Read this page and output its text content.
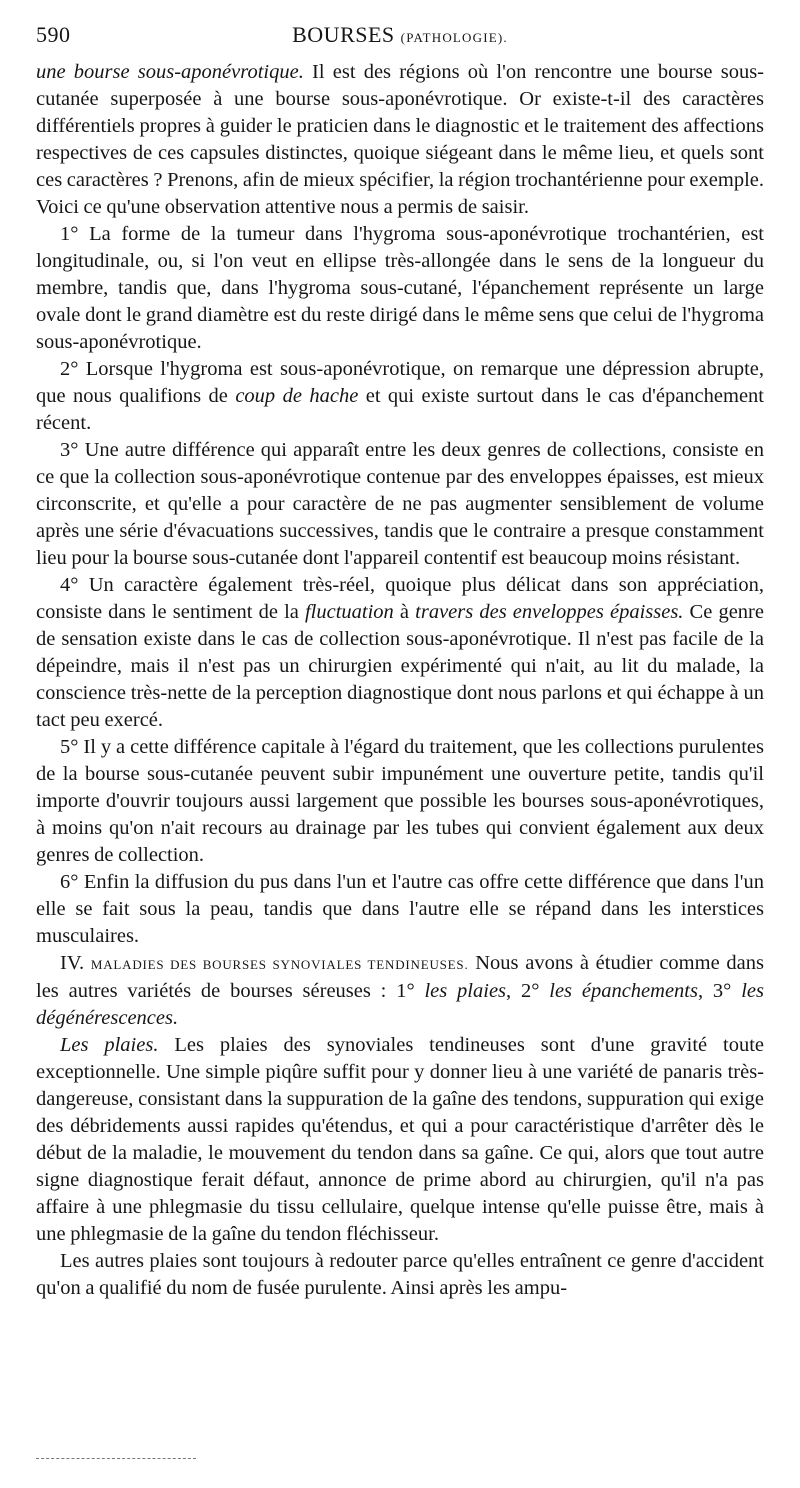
590	BOURSES (PATHOLOGIE).

une bourse sous-aponévrotique. Il est des régions où l'on rencontre une bourse sous-cutanée superposée à une bourse sous-aponévrotique. Or existe-t-il des caractères différentiels propres à guider le praticien dans le diagnostic et le traitement des affections respectives de ces capsules distinctes, quoique siégeant dans le même lieu, et quels sont ces caractères ? Prenons, afin de mieux spécifier, la région trochantérienne pour exemple. Voici ce qu'une observation attentive nous a permis de saisir.

1° La forme de la tumeur dans l'hygroma sous-aponévrotique trochantérien, est longitudinale, ou, si l'on veut en ellipse très-allongée dans le sens de la longueur du membre, tandis que, dans l'hygroma sous-cutané, l'épanchement représente un large ovale dont le grand diamètre est du reste dirigé dans le même sens que celui de l'hygroma sous-aponévrotique.

2° Lorsque l'hygroma est sous-aponévrotique, on remarque une dépression abrupte, que nous qualifions de coup de hache et qui existe surtout dans le cas d'épanchement récent.

3° Une autre différence qui apparaît entre les deux genres de collections, consiste en ce que la collection sous-aponévrotique contenue par des enveloppes épaisses, est mieux circonscrite, et qu'elle a pour caractère de ne pas augmenter sensiblement de volume après une série d'évacuations successives, tandis que le contraire a presque constamment lieu pour la bourse sous-cutanée dont l'appareil contentif est beaucoup moins résistant.

4° Un caractère également très-réel, quoique plus délicat dans son appréciation, consiste dans le sentiment de la fluctuation à travers des enveloppes épaisses. Ce genre de sensation existe dans le cas de collection sous-aponévrotique. Il n'est pas facile de la dépeindre, mais il n'est pas un chirurgien expérimenté qui n'ait, au lit du malade, la conscience très-nette de la perception diagnostique dont nous parlons et qui échappe à un tact peu exercé.

5° Il y a cette différence capitale à l'égard du traitement, que les collections purulentes de la bourse sous-cutanée peuvent subir impunément une ouverture petite, tandis qu'il importe d'ouvrir toujours aussi largement que possible les bourses sous-aponévrotiques, à moins qu'on n'ait recours au drainage par les tubes qui convient également aux deux genres de collection.

6° Enfin la diffusion du pus dans l'un et l'autre cas offre cette différence que dans l'un elle se fait sous la peau, tandis que dans l'autre elle se répand dans les interstices musculaires.

IV. MALADIES DES BOURSES SYNOVIALES TENDINEUSES. Nous avons à étudier comme dans les autres variétés de bourses séreuses : 1° les plaies, 2° les épanchements, 3° les dégénérescences.

Les plaies. Les plaies des synoviales tendineuses sont d'une gravité toute exceptionnelle. Une simple piqûre suffit pour y donner lieu à une variété de panaris très-dangereuse, consistant dans la suppuration de la gaîne des tendons, suppuration qui exige des débridements aussi rapides qu'étendus, et qui a pour caractéristique d'arrêter dès le début de la maladie, le mouvement du tendon dans sa gaîne. Ce qui, alors que tout autre signe diagnostique ferait défaut, annonce de prime abord au chirurgien, qu'il n'a pas affaire à une phlegmasie du tissu cellulaire, quelque intense qu'elle puisse être, mais à une phlegmasie de la gaîne du tendon fléchisseur.

Les autres plaies sont toujours à redouter parce qu'elles entraînent ce genre d'accident qu'on a qualifié du nom de fusée purulente. Ainsi après les ampu-
